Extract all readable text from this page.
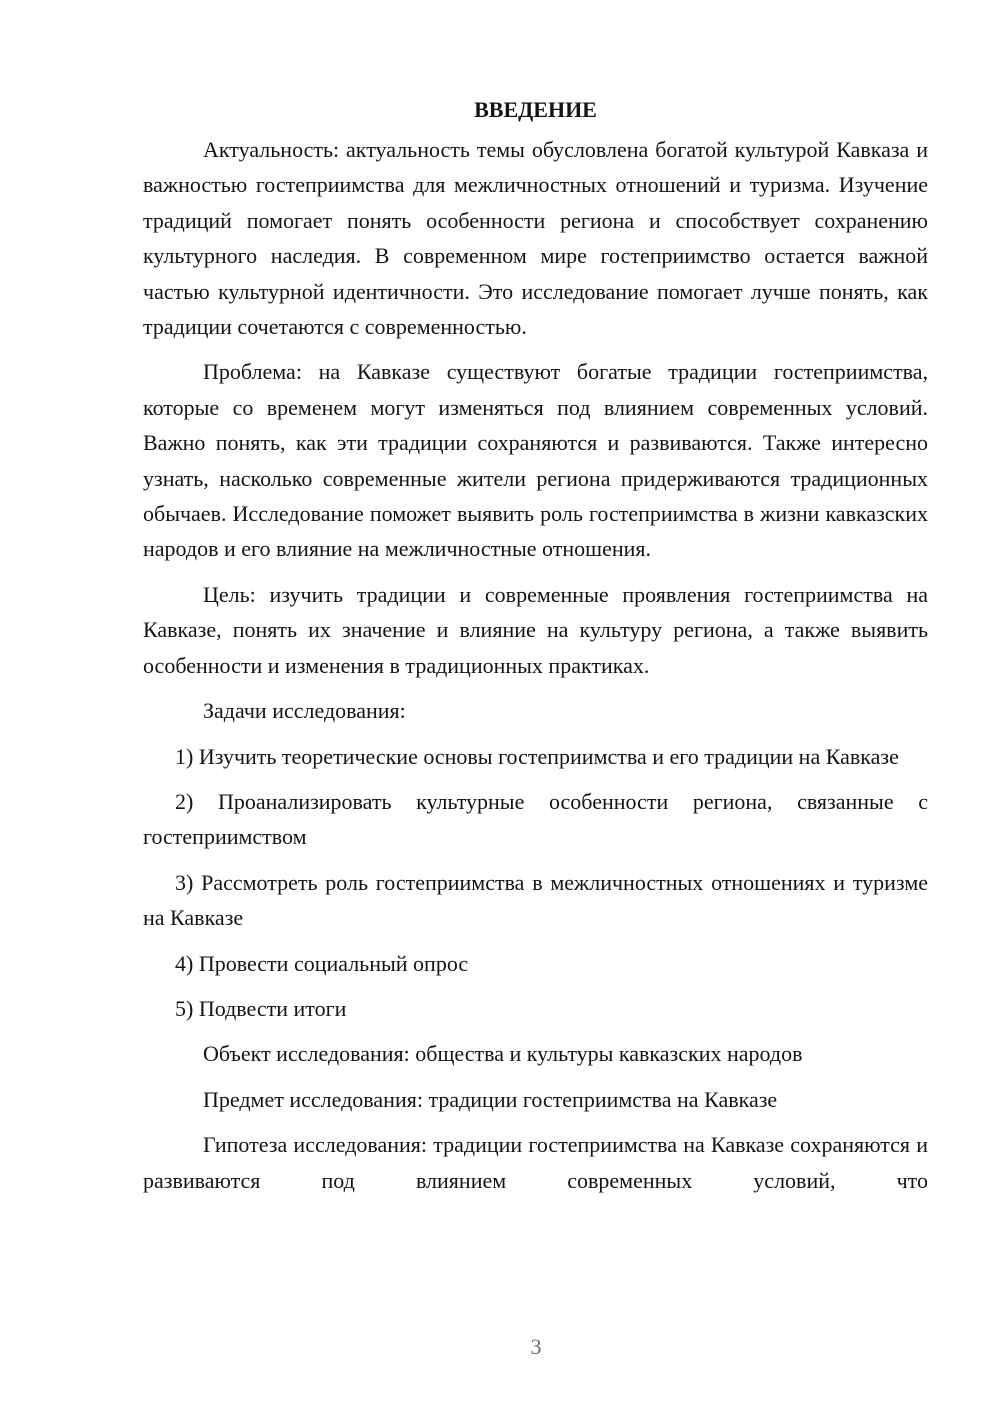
ВВЕДЕНИЕ

Актуальность: актуальность темы обусловлена богатой культурой Кавказа и важностью гостеприимства для межличностных отношений и туризма. Изучение традиций помогает понять особенности региона и способствует сохранению культурного наследия. В современном мире гостеприимство остается важной частью культурной идентичности. Это исследование помогает лучше понять, как традиции сочетаются с современностью.

Проблема: на Кавказе существуют богатые традиции гостеприимства, которые со временем могут изменяться под влиянием современных условий. Важно понять, как эти традиции сохраняются и развиваются. Также интересно узнать, насколько современные жители региона придерживаются традиционных обычаев. Исследование поможет выявить роль гостеприимства в жизни кавказских народов и его влияние на межличностные отношения.

Цель: изучить традиции и современные проявления гостеприимства на Кавказе, понять их значение и влияние на культуру региона, а также выявить особенности и изменения в традиционных практиках.

Задачи исследования:

1) Изучить теоретические основы гостеприимства и его традиции на Кавказе

2) Проанализировать культурные особенности региона, связанные с гостеприимством

3) Рассмотреть роль гостеприимства в межличностных отношениях и туризме на Кавказе

4) Провести социальный опрос

5) Подвести итоги

Объект исследования: общества и культуры кавказских народов

Предмет исследования: традиции гостеприимства на Кавказе

Гипотеза исследования: традиции гостеприимства на Кавказе сохраняются и развиваются под влиянием современных условий, что

3
